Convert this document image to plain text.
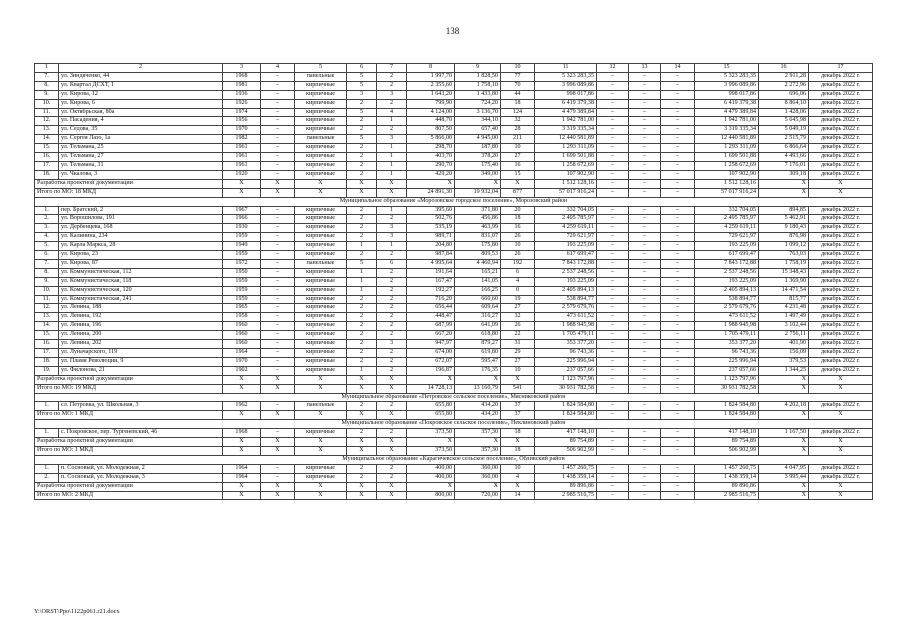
138
1	2	3	4	5	6	7	8	9	10	11	12	13	14	15	16	17
7.	ул. Зиндяченко, 44	1968	–	панельные	5	2	1 997,70	1 828,50	77	5 323 283,35	–	–	–	5 323 283,35	2 911,28	декабрь 2022 г.
8.	ул. Квартал ДСХТ, 1	1981	–	кирпичные	5	2	2 355,60	1 758,10	70	3 996 089,86	–	–	–	3 996 089,86	2 272,96	декабрь 2022 г.
9.	ул. Кирова, 12	1936	–	кирпичные	3	3	1 643,20	1 433,80	44	998 017,86	–	–	–	998 017,86	696,06	декабрь 2022 г.
10.	ул. Кирова, 6	1926	–	кирпичные	2	2	799,90	724,20	18	6 419 379,38	–	–	–	6 419 379,38	8 864,10	декабрь 2022 г.
11.	ул. Октябрьская, 80а	1974	–	кирпичные	5	4	4 124,00	3 136,70	124	4 479 389,84	–	–	–	4 479 389,84	1 428,06	декабрь 2022 г.
12.	ул. Пасадения, 4	1956	–	кирпичные	2	1	448,70	344,10	32	1 942 781,00	–	–	–	1 942 781,00	5 645,98	декабрь 2022 г.
13.	ул. Седова, 35	1970	–	кирпичные	2	2	807,50	657,40	28	3 319 335,34	–	–	–	3 319 335,34	5 049,19	декабрь 2022 г.
14.	ул. Сергея Лазо, 1а	1982	–	панельные	5	3	5 866,00	4 945,00	211	12 440 581,89	–	–	–	12 440 581,89	2 515,79	декабрь 2022 г.
15.	ул. Тельмана, 25	1961	–	кирпичные	2	1	298,70	187,80	10	1 293 311,09	–	–	–	1 293 311,09	6 866,64	декабрь 2022 г.
16.	ул. Тельмана, 27	1961	–	кирпичные	2	1	403,70	378,20	27	1 699 501,88	–	–	–	1 699 501,88	4 493,66	декабрь 2022 г.
17.	ул. Тельмана, 31	1961	–	кирпичные	2	1	290,70	175,40	16	1 258 672,69	–	–	–	1 258 672,69	7 176,01	декабрь 2022 г.
18.	ул. Чкалова, 3	1920	–	кирпичные	2	1	429,20	349,00	15	107 902,90	–	–	–	107 902,90	309,18	декабрь 2022 г.
Разработка проектной документации		X	X	X	X	X	X	X	X	1 512 128,16	–	–	–	1 512 128,16	X	X
Итого по МО: 18 МКД		X	X	X	X	X	24 891,30	19 932,04	877	57 017 916,24	–	–	–	57 017 916,24	X	X
Муниципальное образование «Морозовское городское поселение», Морозовский район																
1.	пер. Братский, 2	1967	–	кирпичные	2	1	395,60	371,80	20	332 704,05	–	–	–	332 704,05	894,85	декабрь 2022 г.
2.	ул. Ворошилова, 191	1966	–	кирпичные	2	2	502,76	456,86	18	2 495 785,97	–	–	–	2 495 785,97	5 462,91	декабрь 2022 г.
3.	ул. Дербенцева, 168	1930	–	кирпичные	2	3	535,19	463,99	16	4 259 619,11	–	–	–	4 259 619,11	9 180,43	декабрь 2022 г.
4.	ул. Калинина, 234	1959	–	кирпичные	2	3	989,71	831,07	26	729 621,97	–	–	–	729 621,97	876,98	декабрь 2022 г.
5.	ул. Карла Маркса, 28	1949	–	кирпичные	1	1	204,80	175,80	10	193 225,09	–	–	–	193 225,09	1 099,12	декабрь 2022 г.
6.	ул. Кирова, 23	1959	–	кирпичные	2	2	987,84	809,53	26	617 699,47	–	–	–	617 699,47	763,03	декабрь 2022 г.
7.	ул. Кирова, 87	1972	–	панельные	5	6	4 995,64	4 460,94	192	7 843 172,88	–	–	–	7 843 172,88	1 758,19	декабрь 2022 г.
8.	ул. Коммунистическая, 112	1950	–	кирпичные	1	2	191,64	165,21	6	2 537 248,56	–	–	–	2 537 248,56	15 348,43	декабрь 2022 г.
9.	ул. Коммунистическая, 118	1959	–	кирпичные	1	2	167,47	141,05	4	193 225,09	–	–	–	193 225,09	1 369,90	декабрь 2022 г.
10.	ул. Коммунистическая, 120	1959	–	кирпичные	1	2	192,27	166,25	0	2 405 894,13	–	–	–	2 405 894,13	14 471,54	декабрь 2022 г.
11.	ул. Коммунистическая, 241	1959	–	кирпичные	2	2	716,20	660,60	19	538 894,77	–	–	–	538 894,77	815,77	декабрь 2022 г.
12.	ул. Ленина, 188	1965	–	кирпичные	2	2	656,44	609,64	27	2 579 679,76	–	–	–	2 579 679,76	4 231,48	декабрь 2022 г.
13.	ул. Ленина, 192	1958	–	кирпичные	2	2	448,47	316,27	32	473 611,52	–	–	–	473 611,52	1 497,49	декабрь 2022 г.
14.	ул. Ленина, 196	1960	–	кирпичные	2	2	687,99	641,09	26	1 988 945,98	–	–	–	1 988 945,98	3 102,44	декабрь 2022 г.
15.	ул. Ленина, 200	1960	–	кирпичные	2	2	667,20	618,80	22	1 705 479,11	–	–	–	1 705 479,11	2 756,11	декабрь 2022 г.
16.	ул. Ленина, 202	1960	–	кирпичные	2	3	947,97	879,27	31	353 377,20	–	–	–	353 377,20	401,90	декабрь 2022 г.
17.	ул. Луначарского, 119	1964	–	кирпичные	2	2	674,00	619,80	29	96 743,36	–	–	–	96 743,36	156,09	декабрь 2022 г.
18.	ул. Пламя Революции, 9	1970	–	кирпичные	2	2	672,07	595,47	27	225 996,94	–	–	–	225 996,94	379,53	декабрь 2022 г.
19.	ул. Филонова, 21	1902	–	кирпичные	1	2	196,87	176,35	10	237 057,66	–	–	–	237 057,66	1 344,25	декабрь 2022 г.
Разработка проектной документации		X	X	X	X	X	X	X	X	1 123 797,96	–	–	–	1 123 797,96	X	X
Итого по МО: 19 МКД		X	X	X	X	X	14 728,13	13 160,79	541	30 931 782,58	–	–	–	30 931 782,58	X	X
Муниципальное образование «Петровское сельское поселение», Мясниковский район																
1.	сл. Петровка, ул. Школьная, 3	1962	–	панельные	2	2	655,80	434,20	37	1 824 584,80	–	–	–	1 824 584,80	4 202,18	декабрь 2022 г.
Итого по МО: 1 МКД		X	X	X	X	X	655,80	434,20	37	1 824 584,80	–	–	–	1 824 584,80	X	X
Муниципальное образование «Покровское сельское поселение», Неклиновский район																
1.	с. Покровское, пер. Тургеневский, 46	1968	–	кирпичные	2	2	373,50	357,30	18	417 148,10	–	–	–	417 148,10	1 167,50	декабрь 2022 г.
Разработка проектной документации		X	X	X	X	X	X	X	X	89 754,89	–	–	–	89 754,89	X	X
Итого по МО: 1 МКД		X	X	X	X	X	373,50	357,30	18	506 902,99	–	–	–	506 902,99	X	X
Муниципальное образование «Карагичевское сельское поселение», Обливский район																
1.	п. Сосновый, ул. Молодежная, 2	1964	–	кирпичные	2	2	400,00	360,00	10	1 457 260,75	–	–	–	1 457 260,75	4 047,95	декабрь 2022 г.
2.	п. Сосновый, ул. Молодежная, 3	1964	–	кирпичные	2	2	400,00	360,00	4	1 438 359,14	–	–	–	1 438 359,14	3 995,44	декабрь 2022 г.
Разработка проектной документации		X	X	X	X	X	X	X	X	89 896,86	–	–	–	89 896,86	X	X
Итого по МО: 2 МКД		X	X	X	X	X	800,00	720,00	14	2 985 516,75	–	–	–	2 985 516,75	X	X
Y:\ORST\Ppo\1122p061.r21.docx
